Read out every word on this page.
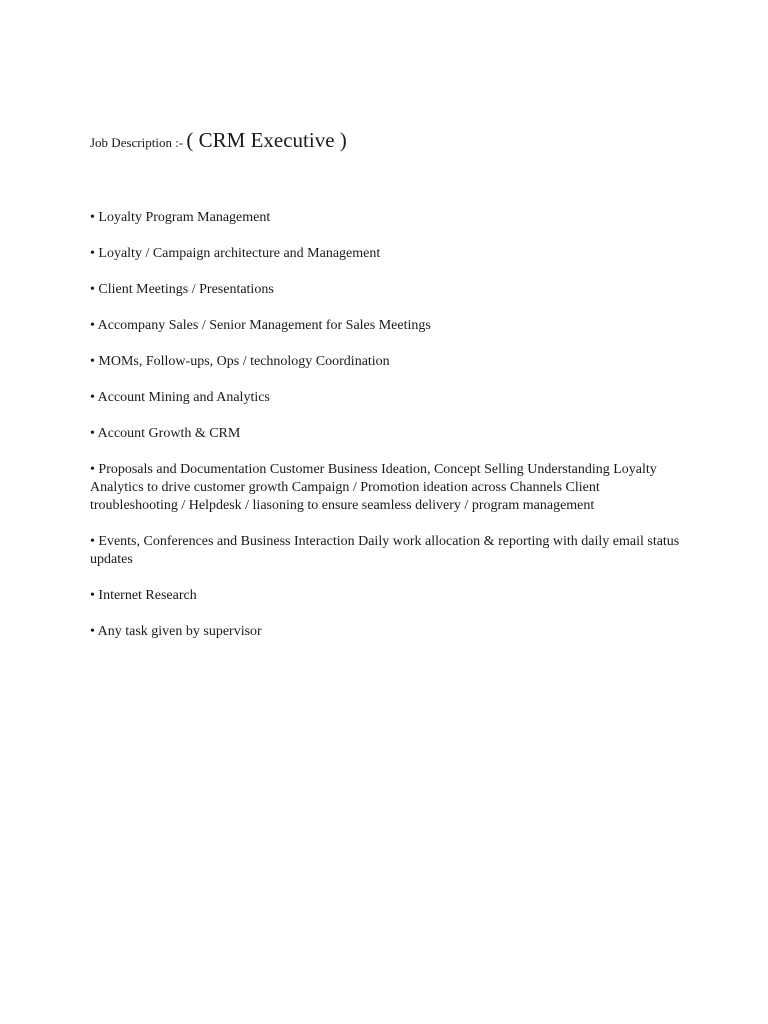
Job Description :- ( CRM Executive )
• Loyalty Program Management
• Loyalty / Campaign architecture and Management
• Client Meetings / Presentations
• Accompany Sales / Senior Management for Sales Meetings
• MOMs, Follow-ups, Ops / technology Coordination
• Account Mining and Analytics
• Account Growth & CRM
• Proposals and Documentation Customer Business Ideation, Concept Selling Understanding Loyalty Analytics to drive customer growth Campaign / Promotion ideation across Channels Client troubleshooting / Helpdesk / liasoning to ensure seamless delivery / program management
• Events, Conferences and Business Interaction Daily work allocation & reporting with daily email status updates
• Internet Research
• Any task given by supervisor
